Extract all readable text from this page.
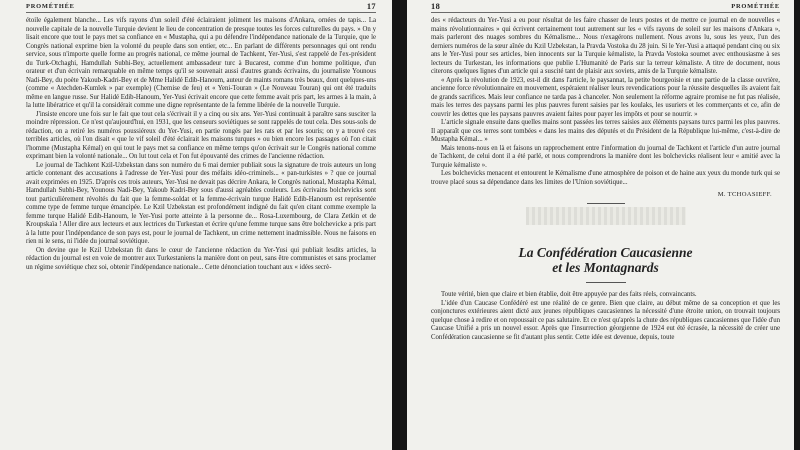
PROMÉTHÉE	17

étoile également blanche... Les vifs rayons d'un soleil d'été éclairaient joliment les maisons d'Ankara, ornées de tapis... La nouvelle capitale de la nouvelle Turquie devient le lieu de concentration de presque toutes les forces culturelles du pays. » On y lisait encore que tout le pays met sa confiance en « Mustapha, qui a pu défendre l'indépendance nationale de la Turquie, que le Congrès national exprime bien la volonté du peuple dans son entier, etc... En parlant de différents personnages qui ont rendu service, sous n'importe quelle forme au progrès national, ce même journal de Tachkent, Yer-Yusi, s'est rappelé de l'ex-président du Turk-Otchaghi, Hamdullah Subhi-Bey, actuellement ambassadeur turc à Bucarest, comme d'un homme politique, d'un orateur et d'un écrivain remarquable en même temps qu'il se souvenait aussi d'autres grands écrivains, du journaliste Younous Nadi-Bey, du poète Yakoub-Kadri-Bey et de Mme Halidé Edib-Hanoum, auteur de maints romans très beaux, dont quelques-uns (comme « Atechden-Kumlek » par exemple) (Chemise de feu) et « Yeni-Touran » (Le Nouveau Touran) qui ont été traduits même en langue russe. Sur Halidé Edib-Hanoum, Yer-Yusi écrivait encore que cette femme avait pris part, les armes à la main, à la lutte libératrice et qu'il la considérait comme une digne représentante de la femme libérée de la nouvelle Turquie.

J'insiste encore une fois sur le fait que tout cela s'écrivait il y a cinq ou six ans. Yer-Yusi continuait à paraître sans susciter la moindre répression. Ce n'est qu'aujourd'hui, en 1931, que les censeurs soviétiques se sont rappelés de tout cela. Des sous-sols de rédaction, on a retiré les numéros poussiéreux du Yer-Yusi, en partie rongés par les rats et par les souris; on y a trouvé ces terribles articles, où l'on disait « que le vif soleil d'été éclairait les maisons turques » ou bien encore les passages où l'on citait l'homme (Mustapha Kémal) en qui tout le pays met sa confiance en même temps qu'on écrivait sur le Congrès national comme exprimant bien la volonté nationale... On lut tout cela et l'on fut épouvanté des crimes de l'ancienne rédaction.

Le journal de Tachkent Kzil-Uzbekstan dans son numéro du 6 mai dernier publiait sous la signature de trois auteurs un long article contenant des accusations à l'adresse de Yer-Yusi pour des méfaits idéo-criminels... « pan-turkistes » ? que ce journal avait exprimées en 1925. D'après ces trois auteurs, Yer-Yusi ne devait pas décrire Ankara, le Congrès national, Mustapha Kémal, Hamdullah Subhi-Bey, Younous Nadi-Bey, Yakoub Kadri-Bey sous d'aussi agréables couleurs. Les écrivains bolchevicks sont tout particulièrement révoltés du fait que la femme-soldat et la femme-écrivain turque Halidé Edib-Hanoum est représentée comme type de femme turque émancipée. Le Kzil Uzbekstan est profondément indigné du fait qu'en citant comme exemple la femme turque Halidé Edib-Hanoum, le Yer-Yusi porte atteinte à la personne de... Rosa-Luxembourg, de Clara Zetkin et de Kroupskaïa ! Aller dire aux lecteurs et aux lectrices du Turkestan et écrire qu'une femme turque sans être bolchevicke a pris part à la lutte pour l'indépendance de son pays est, pour le journal de Tachkent, un crime nettement inadmissible. Nous ne faisons en rien ni le sens, ni l'idée du journal soviétique.

On devine que le Kzil Uzbekstan fit dans le cœur de l'ancienne rédaction du Yer-Yusi qui publiait lesdits articles, la rédaction du journal est en voie de montrer aux Turkestaniens la manière dont on peut, sans être communistes et sans proclamer un régime soviétique chez soi, obtenir l'indépendance nationale... Cette dénonciation touchant aux « idées secrè-

18	PROMÉTHÉE

des « rédacteurs du Yer-Yusi a eu pour résultat de les faire chasser de leurs postes et de mettre ce journal en de nouvelles « mains révolutionnaires » qui écrivent certainement tout autrement sur les « vifs rayons de soleil sur les maisons d'Ankara », mais parleront des nuages sombres du Kémalisme... Nous n'exagérons nullement. Nous avons lu, sous les yeux, l'un des derniers numéros de la sœur aînée du Kzil Uzbekstan, la Pravda Vostoka du 28 juin. Si le Yer-Yusi a attaqué pendant cinq ou six ans le Yer-Yusi pour ses articles, bien innocents sur la Turquie kémaliste, la Pravda Vostoka soumet avec enthousiasme à ses lecteurs du Turkestan, les informations que publie L'Humanité de Paris sur la terreur kémaliste. A titre de document, nous citerons quelques lignes d'un article qui a suscité tant de plaisir aux soviets, amis de la Turquie kémaliste.

« Après la révolution de 1923, est-il dit dans l'article, le paysannat, la petite bourgeoisie et une partie de la classe ouvrière, ancienne force révolutionnaire en mouvement, espéraient réaliser leurs revendications pour la réussite desquelles ils avaient fait de grands sacrifices. Mais leur confiance ne tarda pas à chanceler. Non seulement la réforme agraire promise ne fut pas réalisée, mais les terres des paysans parmi les plus pauvres furent saisies par les koulaks, les usuriers et les commerçants et ce, afin de couvrir les dettes que les paysans pauvres avaient faites pour payer les impôts et pour se nourrir. »

L'article signale ensuite dans quelles mains sont passées les terres saisies aux éléments paysans turcs parmi les plus pauvres. Il apparaît que ces terres sont tombées « dans les mains des députés et du Président de la République lui-même, c'est-à-dire de Mustapha Kémal... »

Mais tenons-nous en là et faisons un rapprochement entre l'information du journal de Tachkent et l'article d'un autre journal de Tachkent, de celui dont il a été parlé, et nous comprendrons la manière dont les bolchevicks réalisent leur « amitié avec la Turquie kémaliste ».

Les bolchevicks menacent et entourent le Kémalisme d'une atmosphère de poison et de haine aux yeux du monde turk qui se trouve placé sous sa dépendance dans les limites de l'Union soviétique...

M. TCHOASIEFF.
La Confédération Caucasienne
et les Montagnards

Toute vérité, bien que claire et bien établie, doit être appuyée par des faits réels, convaincants.

L'idée d'un Caucase Confédéré est une réalité de ce genre. Bien que claire, au début même de sa conception et que les conjonctures extérieures aient dicté aux jeunes républiques caucasiennes la nécessité d'une étroite union, on trouvait toujours quelque chose à redire et on repoussait ce pas salutaire. Et ce n'est qu'après la chute des républiques caucasiennes que l'idée d'un Caucase Unifié a pris un nouvel essor. Après que l'insurrection géorgienne de 1924 eut été écrasée, la nécessité de créer une Confédération caucasienne se fit d'autant plus sentir. Cette idée est devenue, depuis, toute
